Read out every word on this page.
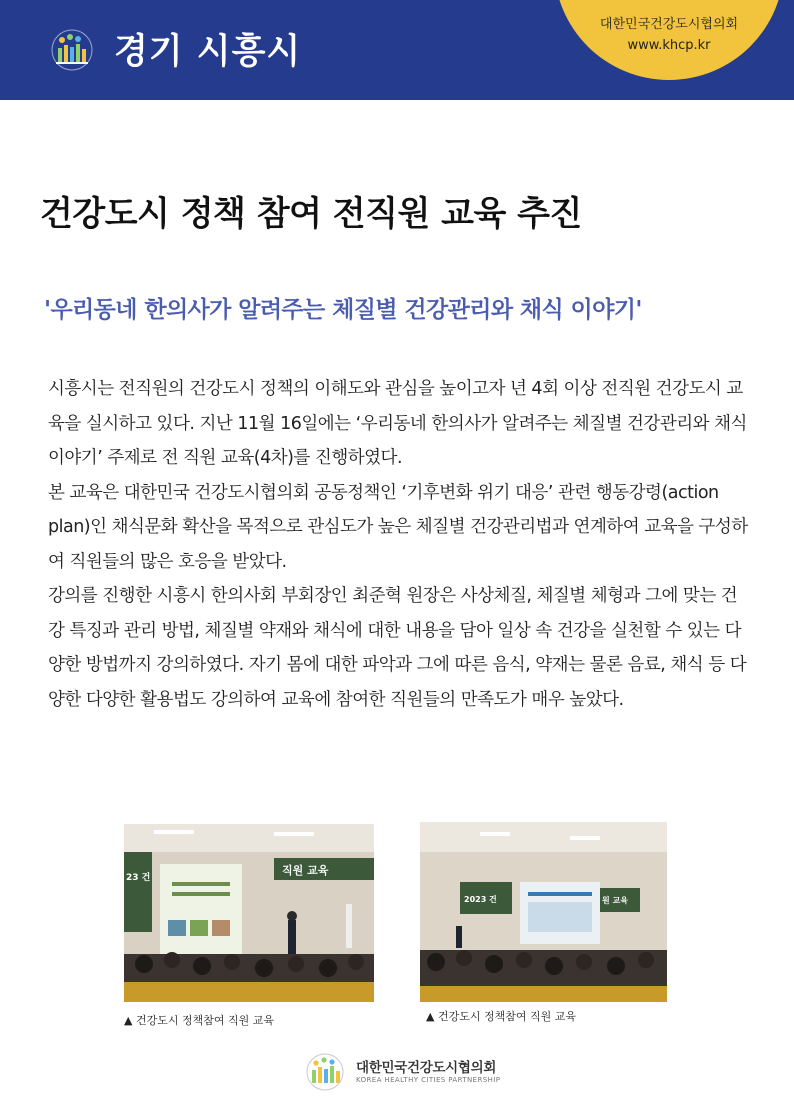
경기 시흥시
대한민국건강도시협의회
www.khcp.kr
건강도시 정책 참여 전직원 교육 추진
'우리동네 한의사가 알려주는 체질별 건강관리와 채식 이야기'

시흥시는 전직원의 건강도시 정책의 이해도와 관심을 높이고자 년 4회 이상 전직원 건강도시 교육을 실시하고 있다. 지난 11월 16일에는 ‘우리동네 한의사가 알려주는 체질별 건강관리와 채식이야기’ 주제로 전 직원 교육(4차)를 진행하였다.

본 교육은 대한민국 건강도시협의회 공동정책인 ‘기후변화 위기 대응’ 관련 행동강령(action plan)인 채식문화 확산을 목적으로 관심도가 높은 체질별 건강관리법과 연계하여 교육을 구성하여 직원들의 많은 호응을 받았다.

강의를 진행한 시흥시 한의사회 부회장인 최준혁 원장은 사상체질, 체질별 체형과 그에 맞는 건강 특징과 관리 방법, 체질별 약재와 채식에 대한 내용을 담아 일상 속 건강을 실천할 수 있는 다양한 방법까지 강의하였다. 자기 몸에 대한 파악과 그에 따른 음식, 약재는 물론 음료, 채식 등 다양한 다양한 활용법도 강의하여 교육에 참여한 직원들의 만족도가 매우 높았다.

23 건
직원 교육
2023 건	원 교육
▲ 건강도시 정책참여 직원 교육	▲ 건강도시 정책참여 직원 교육
대한민국건강도시협의회
KOREA HEALTHY CITIES PARTNERSHIP
